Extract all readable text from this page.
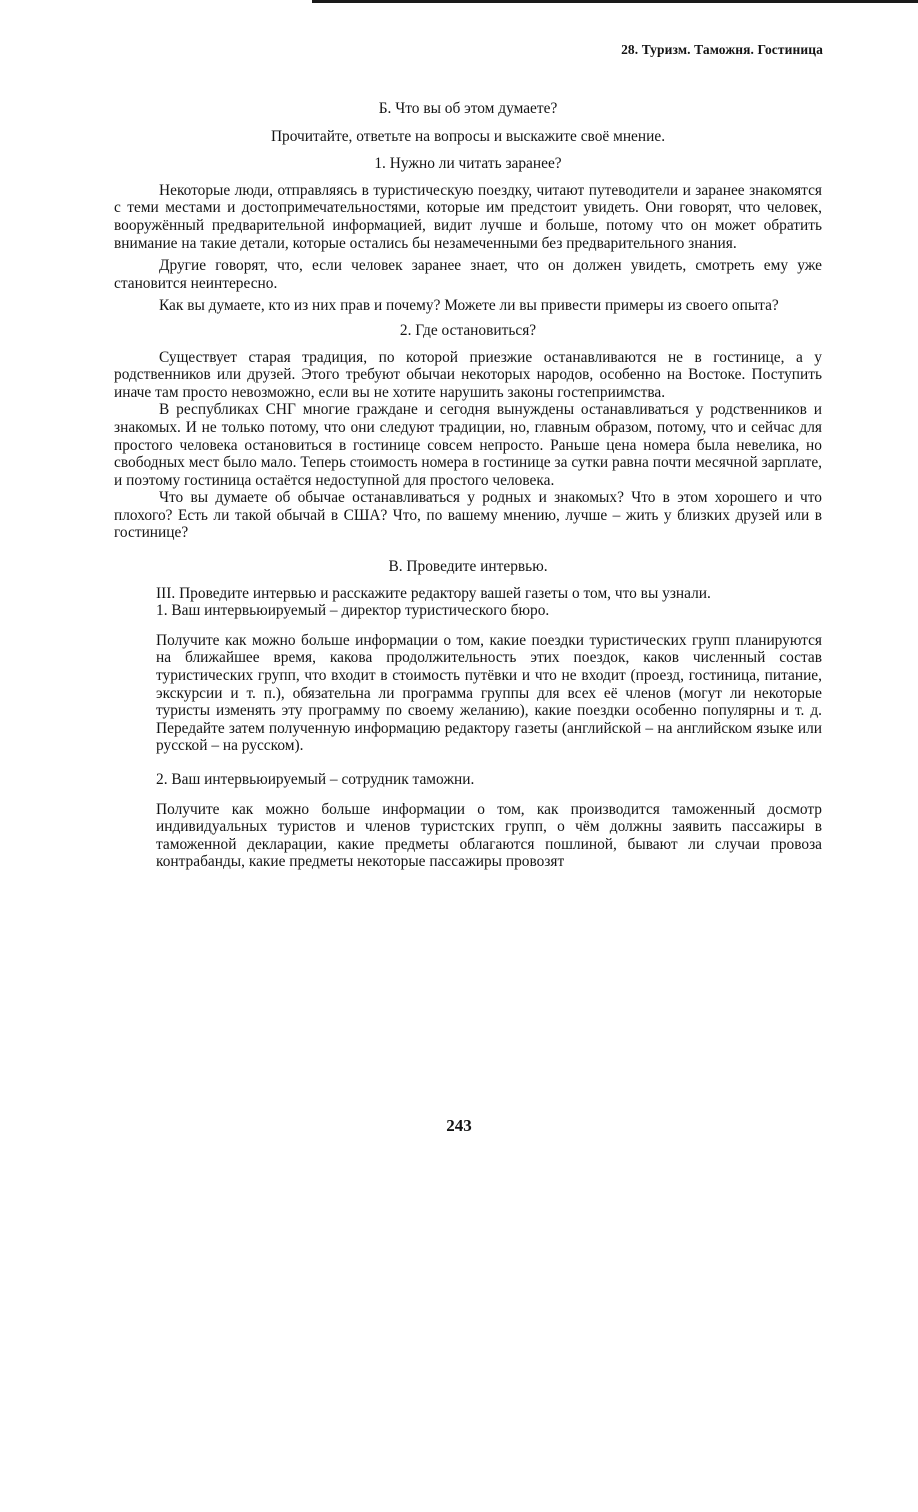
28. Туризм. Таможня. Гостиница
Б. Что вы об этом думаете?
Прочитайте, ответьте на вопросы и выскажите своё мнение.
1. Нужно ли читать заранее?

Некоторые люди, отправляясь в туристическую поездку, читают путеводители и заранее знакомятся с теми местами и достопримечательностями, которые им предстоит увидеть. Они говорят, что человек, вооружённый предварительной информацией, видит лучше и больше, потому что он может обратить внимание на такие детали, которые остались бы незамеченными без предварительного знания.

Другие говорят, что, если человек заранее знает, что он должен увидеть, смотреть ему уже становится неинтересно.

Как вы думаете, кто из них прав и почему? Можете ли вы привести примеры из своего опыта?

2. Где остановиться?

Существует старая традиция, по которой приезжие останавливаются не в гостинице, а у родственников или друзей. Этого требуют обычаи некоторых народов, особенно на Востоке. Поступить иначе там просто невозможно, если вы не хотите нарушить законы гостеприимства.

В республиках СНГ многие граждане и сегодня вынуждены останавливаться у родственников и знакомых. И не только потому, что они следуют традиции, но, главным образом, потому, что и сейчас для простого человека остановиться в гостинице совсем непросто. Раньше цена номера была невелика, но свободных мест было мало. Теперь стоимость номера в гостинице за сутки равна почти месячной зарплате, и поэтому гостиница остаётся недоступной для простого человека.

Что вы думаете об обычае останавливаться у родных и знакомых? Что в этом хорошего и что плохого? Есть ли такой обычай в США? Что, по вашему мнению, лучше – жить у близких друзей или в гостинице?

В. Проведите интервью.

III. Проведите интервью и расскажите редактору вашей газеты о том, что вы узнали.

1. Ваш интервьюируемый – директор туристического бюро.

Получите как можно больше информации о том, какие поездки туристических групп планируются на ближайшее время, какова продолжительность этих поездок, каков численный состав туристических групп, что входит в стоимость путёвки и что не входит (проезд, гостиница, питание, экскурсии и т. п.), обязательна ли программа группы для всех её членов (могут ли некоторые туристы изменять эту программу по своему желанию), какие поездки особенно популярны и т. д. Передайте затем полученную информацию редактору газеты (английской – на английском языке или русской – на русском).

2. Ваш интервьюируемый – сотрудник таможни.

Получите как можно больше информации о том, как производится таможенный досмотр индивидуальных туристов и членов туристских групп, о чём должны заявить пассажиры в таможенной декларации, какие предметы облагаются пошлиной, бывают ли случаи провоза контрабанды, какие предметы некоторые пассажиры провозят

243
